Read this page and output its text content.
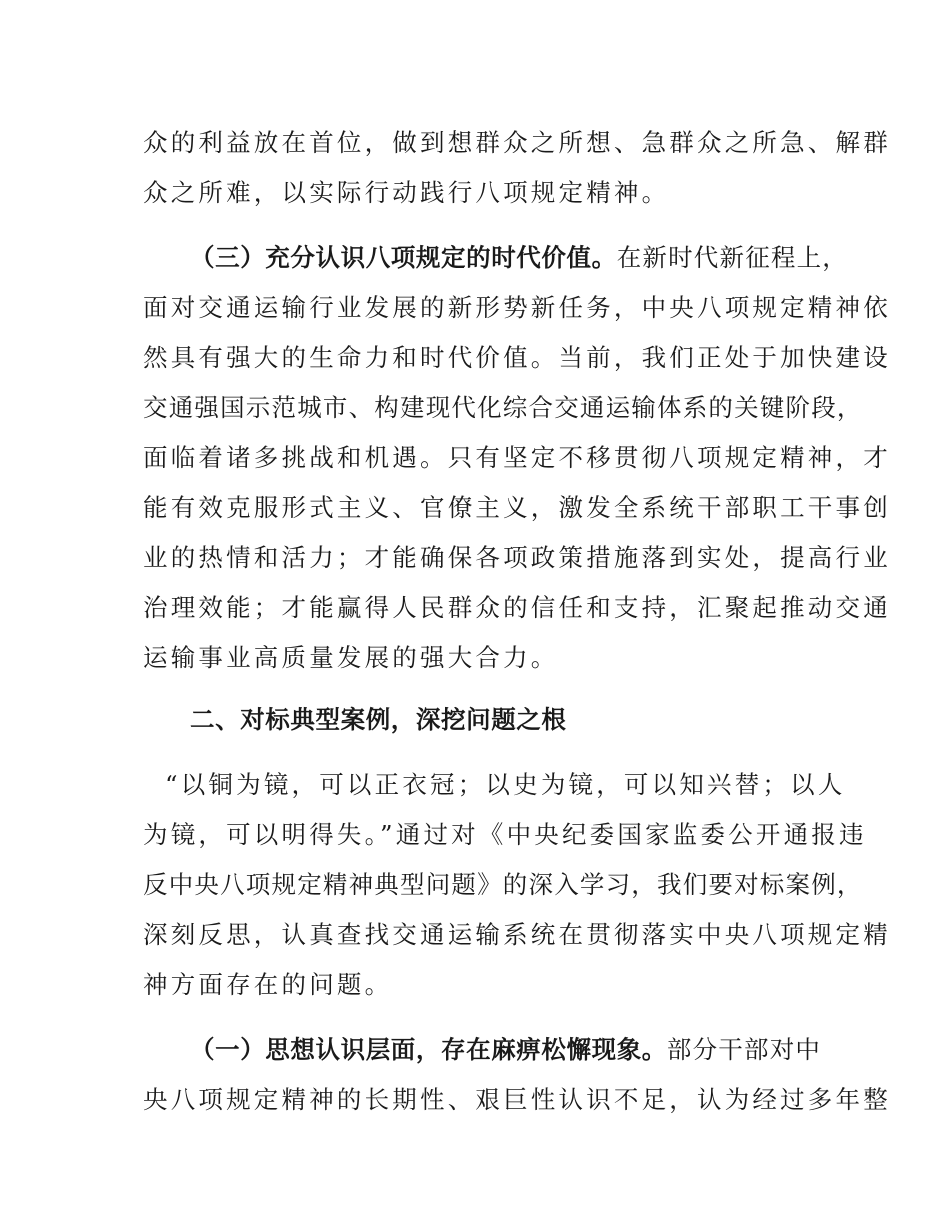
众的利益放在首位，做到想群众之所想、急群众之所急、解群
众之所难，以实际行动践行八项规定精神。
（三）充分认识八项规定的时代价值。在新时代新征程上，
面对交通运输行业发展的新形势新任务，中央八项规定精神依
然具有强大的生命力和时代价值。当前，我们正处于加快建设
交通强国示范城市、构建现代化综合交通运输体系的关键阶段，
面临着诸多挑战和机遇。只有坚定不移贯彻八项规定精神，才
能有效克服形式主义、官僚主义，激发全系统干部职工干事创
业的热情和活力；才能确保各项政策措施落到实处，提高行业
治理效能；才能赢得人民群众的信任和支持，汇聚起推动交通
运输事业高质量发展的强大合力。
二、对标典型案例，深挖问题之根
“以铜为镜，可以正衣冠；以史为镜，可以知兴替；以人
为镜，可以明得失。”通过对《中央纪委国家监委公开通报违
反中央八项规定精神典型问题》的深入学习，我们要对标案例，
深刻反思，认真查找交通运输系统在贯彻落实中央八项规定精
神方面存在的问题。
（一）思想认识层面，存在麻痹松懈现象。部分干部对中
央八项规定精神的长期性、艰巨性认识不足，认为经过多年整
